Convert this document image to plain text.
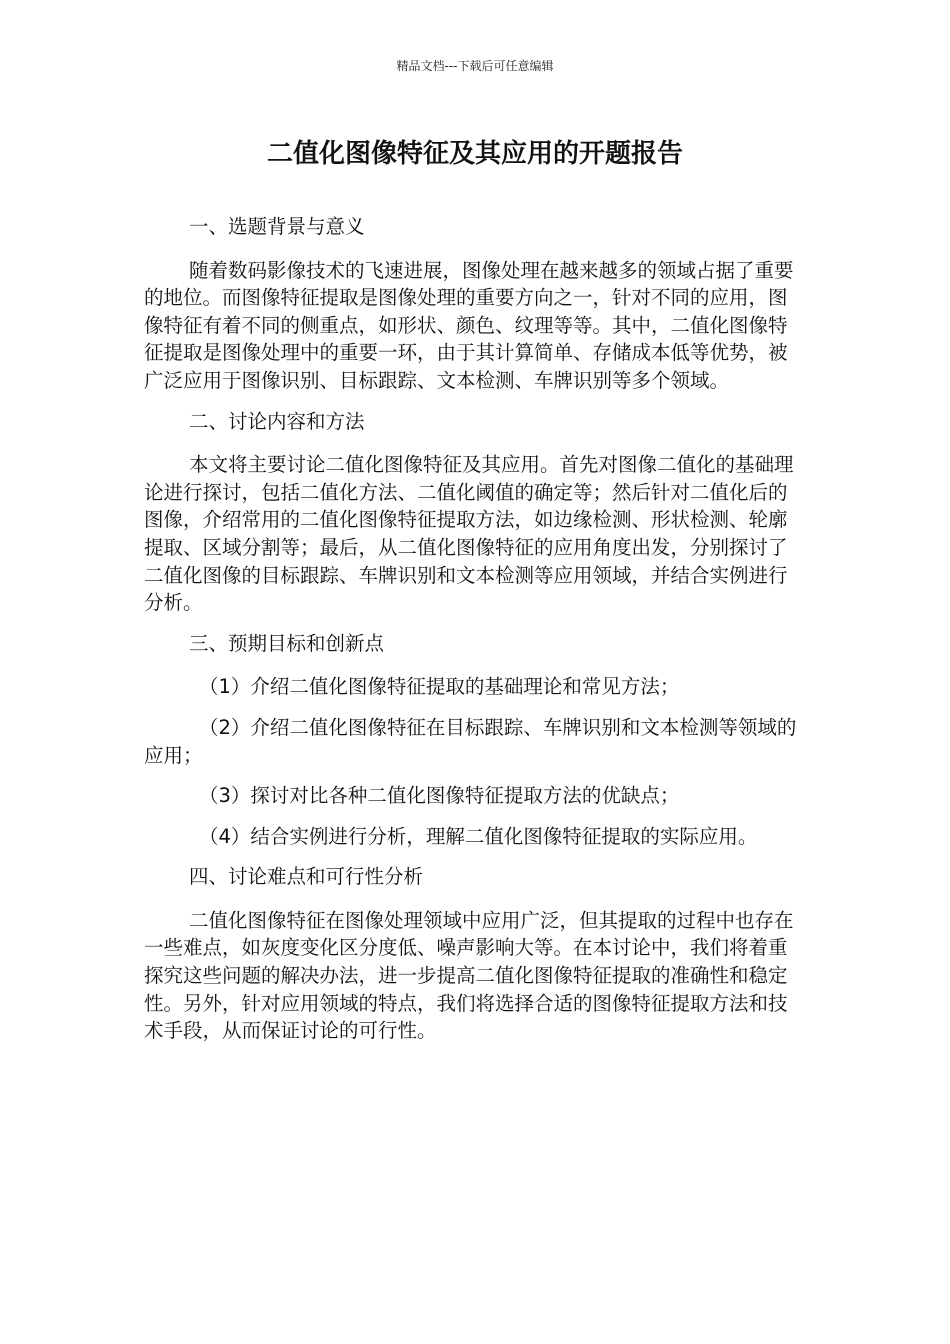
精品文档---下载后可任意编辑
二值化图像特征及其应用的开题报告

一、选题背景与意义

随着数码影像技术的飞速进展，图像处理在越来越多的领域占据了重要的地位。而图像特征提取是图像处理的重要方向之一，针对不同的应用，图像特征有着不同的侧重点，如形状、颜色、纹理等等。其中，二值化图像特征提取是图像处理中的重要一环，由于其计算简单、存储成本低等优势，被广泛应用于图像识别、目标跟踪、文本检测、车牌识别等多个领域。

二、讨论内容和方法

本文将主要讨论二值化图像特征及其应用。首先对图像二值化的基础理论进行探讨，包括二值化方法、二值化阈值的确定等；然后针对二值化后的图像，介绍常用的二值化图像特征提取方法，如边缘检测、形状检测、轮廓提取、区域分割等；最后，从二值化图像特征的应用角度出发，分别探讨了二值化图像的目标跟踪、车牌识别和文本检测等应用领域，并结合实例进行分析。

三、预期目标和创新点

（1）介绍二值化图像特征提取的基础理论和常见方法；

（2）介绍二值化图像特征在目标跟踪、车牌识别和文本检测等领域的应用；

（3）探讨对比各种二值化图像特征提取方法的优缺点；

（4）结合实例进行分析，理解二值化图像特征提取的实际应用。

四、讨论难点和可行性分析

二值化图像特征在图像处理领域中应用广泛，但其提取的过程中也存在一些难点，如灰度变化区分度低、噪声影响大等。在本讨论中，我们将着重探究这些问题的解决办法，进一步提高二值化图像特征提取的准确性和稳定性。另外，针对应用领域的特点，我们将选择合适的图像特征提取方法和技术手段，从而保证讨论的可行性。
